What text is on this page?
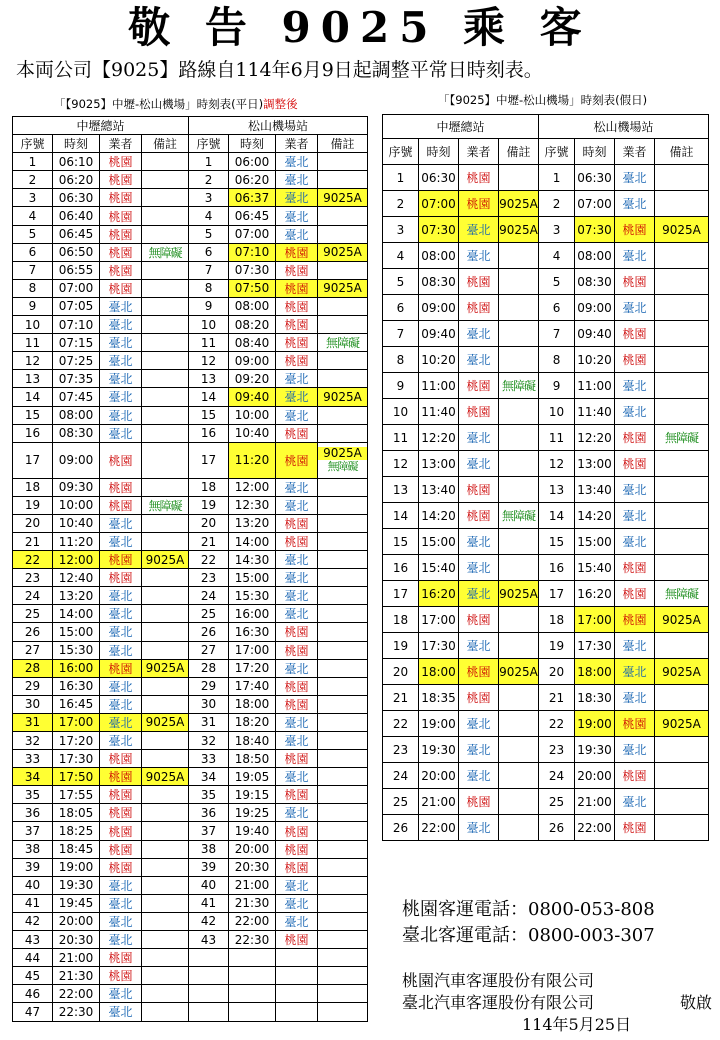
敬 告 9025 乘 客
本両公司【9025】路線自114年6月9日起調整平常日時刻表。
「【9025】中壢-松山機場」時刻表(平日)調整後
中壢總站				松山機場站			
序號	時刻	業者	備註	序號	時刻	業者	備註
1	06:10	桃園		1	06:00	臺北	
2	06:20	桃園		2	06:20	臺北	
3	06:30	桃園		3	06:37	臺北	9025A
4	06:40	桃園		4	06:45	臺北	
5	06:45	桃園		5	07:00	臺北	
6	06:50	桃園	無障礙	6	07:10	桃園	9025A
7	06:55	桃園		7	07:30	桃園	
8	07:00	桃園		8	07:50	桃園	9025A
9	07:05	臺北		9	08:00	桃園	
10	07:10	臺北		10	08:20	桃園	
11	07:15	臺北		11	08:40	桃園	無障礙
12	07:25	臺北		12	09:00	桃園	
13	07:35	臺北		13	09:20	臺北	
14	07:45	臺北		14	09:40	臺北	9025A
15	08:00	臺北		15	10:00	臺北	
16	08:30	臺北		16	10:40	桃園	
17	09:00	桃園		17	11:20	桃園	9025A
無障礙

18	09:30	桃園		18	12:00	臺北	
19	10:00	桃園	無障礙	19	12:30	臺北	
20	10:40	臺北		20	13:20	桃園	
21	11:20	臺北		21	14:00	桃園	
22	12:00	桃園	9025A	22	14:30	臺北	
23	12:40	桃園		23	15:00	臺北	
24	13:20	臺北		24	15:30	臺北	
25	14:00	臺北		25	16:00	臺北	
26	15:00	臺北		26	16:30	桃園	
27	15:30	臺北		27	17:00	桃園	
28	16:00	桃園	9025A	28	17:20	臺北	
29	16:30	臺北		29	17:40	桃園	
30	16:45	臺北		30	18:00	桃園	
31	17:00	臺北	9025A	31	18:20	臺北	
32	17:20	臺北		32	18:40	臺北	
33	17:30	桃園		33	18:50	桃園	
34	17:50	桃園	9025A	34	19:05	臺北	
35	17:55	桃園		35	19:15	桃園	
36	18:05	桃園		36	19:25	臺北	
37	18:25	桃園		37	19:40	桃園	
38	18:45	桃園		38	20:00	桃園	
39	19:00	桃園		39	20:30	桃園	
40	19:30	臺北		40	21:00	臺北	
41	19:45	臺北		41	21:30	臺北	
42	20:00	臺北		42	22:00	臺北	
43	20:30	臺北		43	22:30	桃園	
44	21:00	桃園					
45	21:30	桃園					
46	22:00	臺北					
47	22:30	臺北					
「【9025】中壢-松山機場」時刻表(假日)
中壢總站				松山機場站			
序號	時刻	業者	備註	序號	時刻	業者	備註
1	06:30	桃園		1	06:30	臺北	
2	07:00	桃園	9025A	2	07:00	臺北	
3	07:30	臺北	9025A	3	07:30	桃園	9025A
4	08:00	臺北		4	08:00	臺北	
5	08:30	桃園		5	08:30	桃園	
6	09:00	桃園		6	09:00	臺北	
7	09:40	臺北		7	09:40	桃園	
8	10:20	臺北		8	10:20	桃園	
9	11:00	桃園	無障礙	9	11:00	臺北	
10	11:40	桃園		10	11:40	臺北	
11	12:20	臺北		11	12:20	桃園	無障礙
12	13:00	臺北		12	13:00	桃園	
13	13:40	桃園		13	13:40	臺北	
14	14:20	桃園	無障礙	14	14:20	臺北	
15	15:00	臺北		15	15:00	臺北	
16	15:40	臺北		16	15:40	桃園	
17	16:20	臺北	9025A	17	16:20	桃園	無障礙
18	17:00	桃園		18	17:00	桃園	9025A
19	17:30	臺北		19	17:30	臺北	
20	18:00	桃園	9025A	20	18:00	臺北	9025A
21	18:35	桃園		21	18:30	臺北	
22	19:00	臺北		22	19:00	桃園	9025A
23	19:30	臺北		23	19:30	臺北	
24	20:00	臺北		24	20:00	桃園	
25	21:00	桃園		25	21:00	臺北	
26	22:00	臺北		26	22:00	桃園	
桃園客運電話：0800-053-808
臺北客運電話：0800-003-307
桃園汽車客運股份有限公司
臺北汽車客運股份有限公司	敬啟
114年5月25日
